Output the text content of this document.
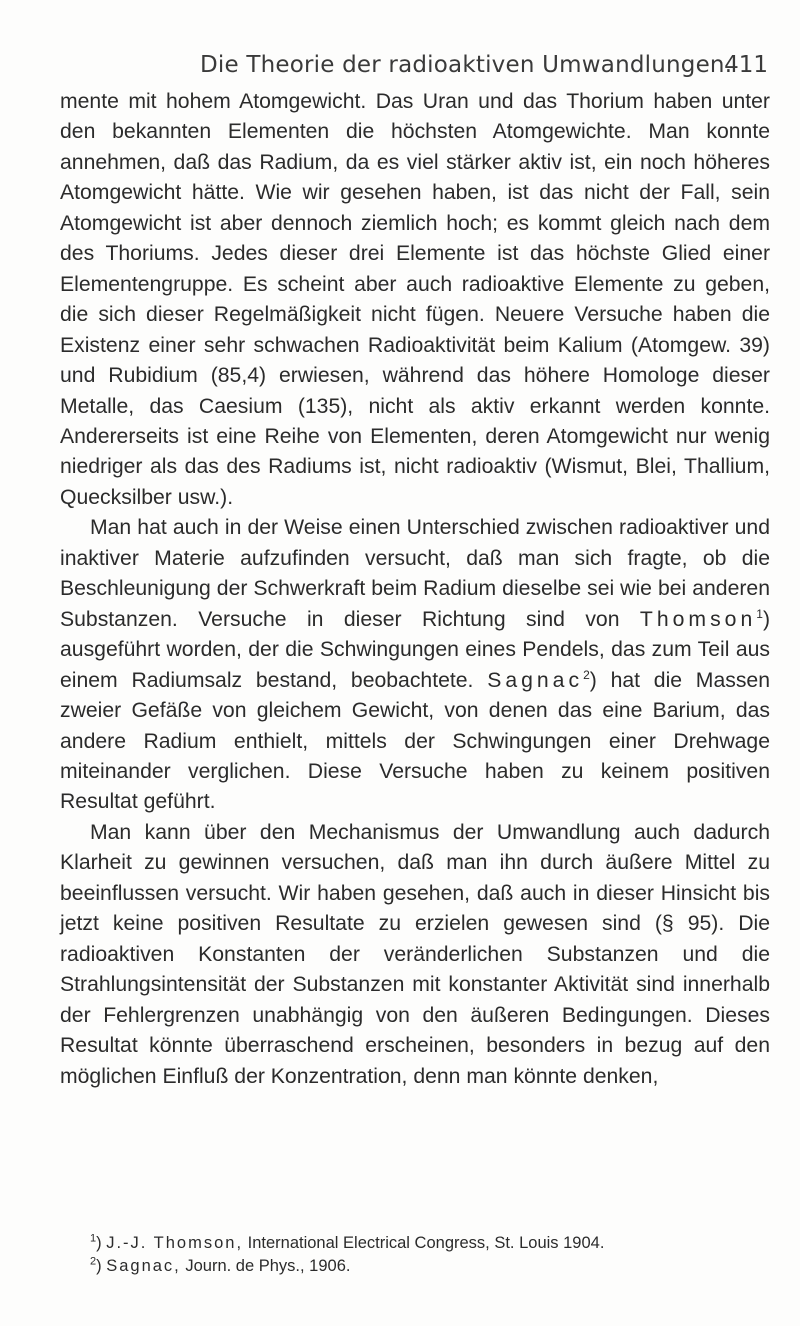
Die Theorie der radioaktiven Umwandlungen.
411

mente mit hohem Atomgewicht. Das Uran und das Thorium haben unter den bekannten Elementen die höchsten Atomgewichte. Man konnte annehmen, daß das Radium, da es viel stärker aktiv ist, ein noch höheres Atomgewicht hätte. Wie wir gesehen haben, ist das nicht der Fall, sein Atomgewicht ist aber dennoch ziemlich hoch; es kommt gleich nach dem des Thoriums. Jedes dieser drei Elemente ist das höchste Glied einer Elementengruppe. Es scheint aber auch radioaktive Elemente zu geben, die sich dieser Regelmäßigkeit nicht fügen. Neuere Versuche haben die Existenz einer sehr schwachen Radioaktivität beim Kalium (Atomgew. 39) und Rubidium (85,4) erwiesen, während das höhere Homologe dieser Metalle, das Caesium (135), nicht als aktiv erkannt werden konnte. Andererseits ist eine Reihe von Elementen, deren Atomgewicht nur wenig niedriger als das des Radiums ist, nicht radioaktiv (Wismut, Blei, Thallium, Quecksilber usw.).

Man hat auch in der Weise einen Unterschied zwischen radioaktiver und inaktiver Materie aufzufinden versucht, daß man sich fragte, ob die Beschleunigung der Schwerkraft beim Radium dieselbe sei wie bei anderen Substanzen. Versuche in dieser Richtung sind von Thomson$^1$) ausgeführt worden, der die Schwingungen eines Pendels, das zum Teil aus einem Radiumsalz bestand, beobachtete. Sagnac$^2$) hat die Massen zweier Gefäße von gleichem Gewicht, von denen das eine Barium, das andere Radium enthielt, mittels der Schwingungen einer Drehwage miteinander verglichen. Diese Versuche haben zu keinem positiven Resultat geführt.

Man kann über den Mechanismus der Umwandlung auch dadurch Klarheit zu gewinnen versuchen, daß man ihn durch äußere Mittel zu beeinflussen versucht. Wir haben gesehen, daß auch in dieser Hinsicht bis jetzt keine positiven Resultate zu erzielen gewesen sind (§ 95). Die radioaktiven Konstanten der veränderlichen Substanzen und die Strahlungsintensität der Substanzen mit konstanter Aktivität sind innerhalb der Fehlergrenzen unabhängig von den äußeren Bedingungen. Dieses Resultat könnte überraschend erscheinen, besonders in bezug auf den möglichen Einfluß der Konzentration, denn man könnte denken,

$^1$) J.-J. Thomson, International Electrical Congress, St. Louis 1904.

$^2$) Sagnac, Journ. de Phys., 1906.
